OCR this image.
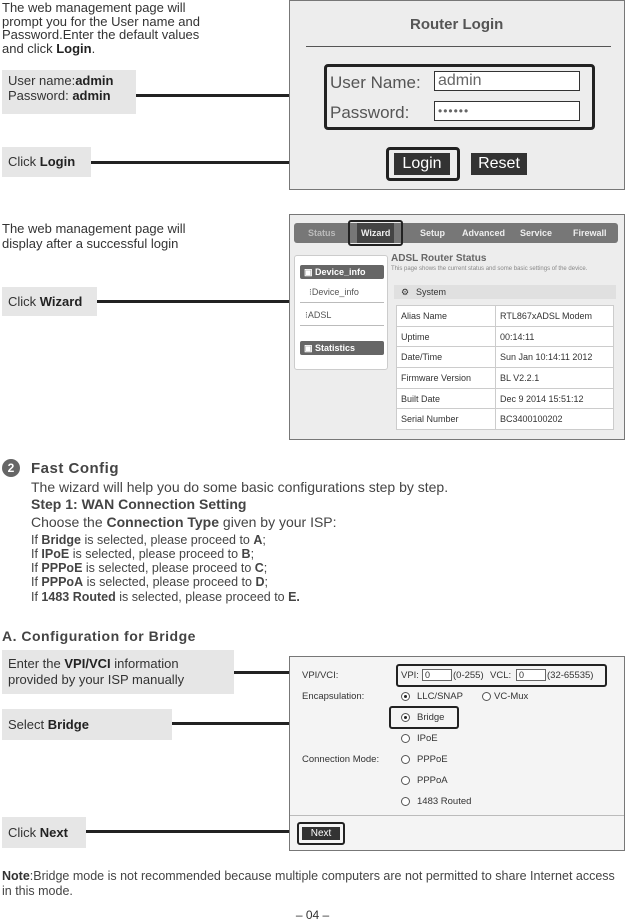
The web management page will
prompt you for the User name and
Password.Enter the default values
and click Login.
User name:admin
Password: admin
Click Login
Router Login
User Name: admin
Password:	••••••
Login	Reset
The web management page will
display after a successful login
Click Wizard
Status	Wizard	Setup Advanced Service Firewall
▣ Device_info
⁝Device_info
⁝ADSL
▣ Statistics
ADSL Router Status
This page shows the current status and some basic settings of the device.
⚙ System
Alias Name	RTL867xADSL Modem
Uptime	00:14:11
Date/Time	Sun Jan 10:14:11 2012
Firmware Version	BL V2.2.1
Built Date	Dec 9 2014 15:51:12
Serial Number	BC3400100202
2	Fast Config
The wizard will help you do some basic configurations step by step.
Step 1: WAN Connection Setting
Choose the Connection Type given by your ISP:
If Bridge is selected, please proceed to A;
If IPoE is selected, please proceed to B;
If PPPoE is selected, please proceed to C;
If PPPoA is selected, please proceed to D;
If 1483 Routed is selected, please proceed to E.
A. Configuration for Bridge
Enter the VPI/VCI information
provided by your ISP manually
Select Bridge
Click Next
VPI/VCI:	VPI: 0	(0-255) VCL: 0	(32-65535)
Encapsulation:	LLC/SNAP	VC-Mux
Bridge
Connection Mode:
IPoE
PPPoE
PPPoA
1483 Routed
Next
Note:Bridge mode is not recommended because multiple computers are not permitted to share Internet access in this mode.
– 04 –
